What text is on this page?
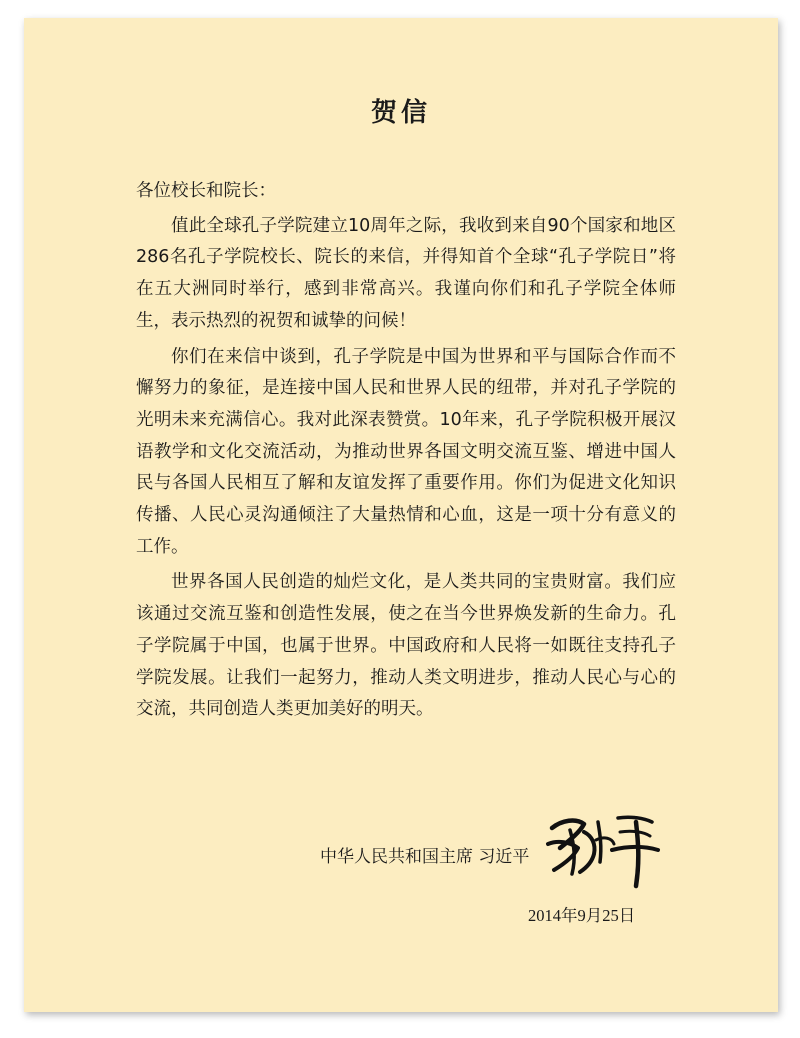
贺信
各位校长和院长：

值此全球孔子学院建立10周年之际，我收到来自90个国家和地区286名孔子学院校长、院长的来信，并得知首个全球“孔子学院日”将在五大洲同时举行，感到非常高兴。我谨向你们和孔子学院全体师生，表示热烈的祝贺和诚挚的问候！

你们在来信中谈到，孔子学院是中国为世界和平与国际合作而不懈努力的象征，是连接中国人民和世界人民的纽带，并对孔子学院的光明未来充满信心。我对此深表赞赏。10年来，孔子学院积极开展汉语教学和文化交流活动，为推动世界各国文明交流互鉴、增进中国人民与各国人民相互了解和友谊发挥了重要作用。你们为促进文化知识传播、人民心灵沟通倾注了大量热情和心血，这是一项十分有意义的工作。

世界各国人民创造的灿烂文化，是人类共同的宝贵财富。我们应该通过交流互鉴和创造性发展，使之在当今世界焕发新的生命力。孔子学院属于中国，也属于世界。中国政府和人民将一如既往支持孔子学院发展。让我们一起努力，推动人类文明进步，推动人民心与心的交流，共同创造人类更加美好的明天。

中华人民共和国主席 习近平
2014年9月25日
